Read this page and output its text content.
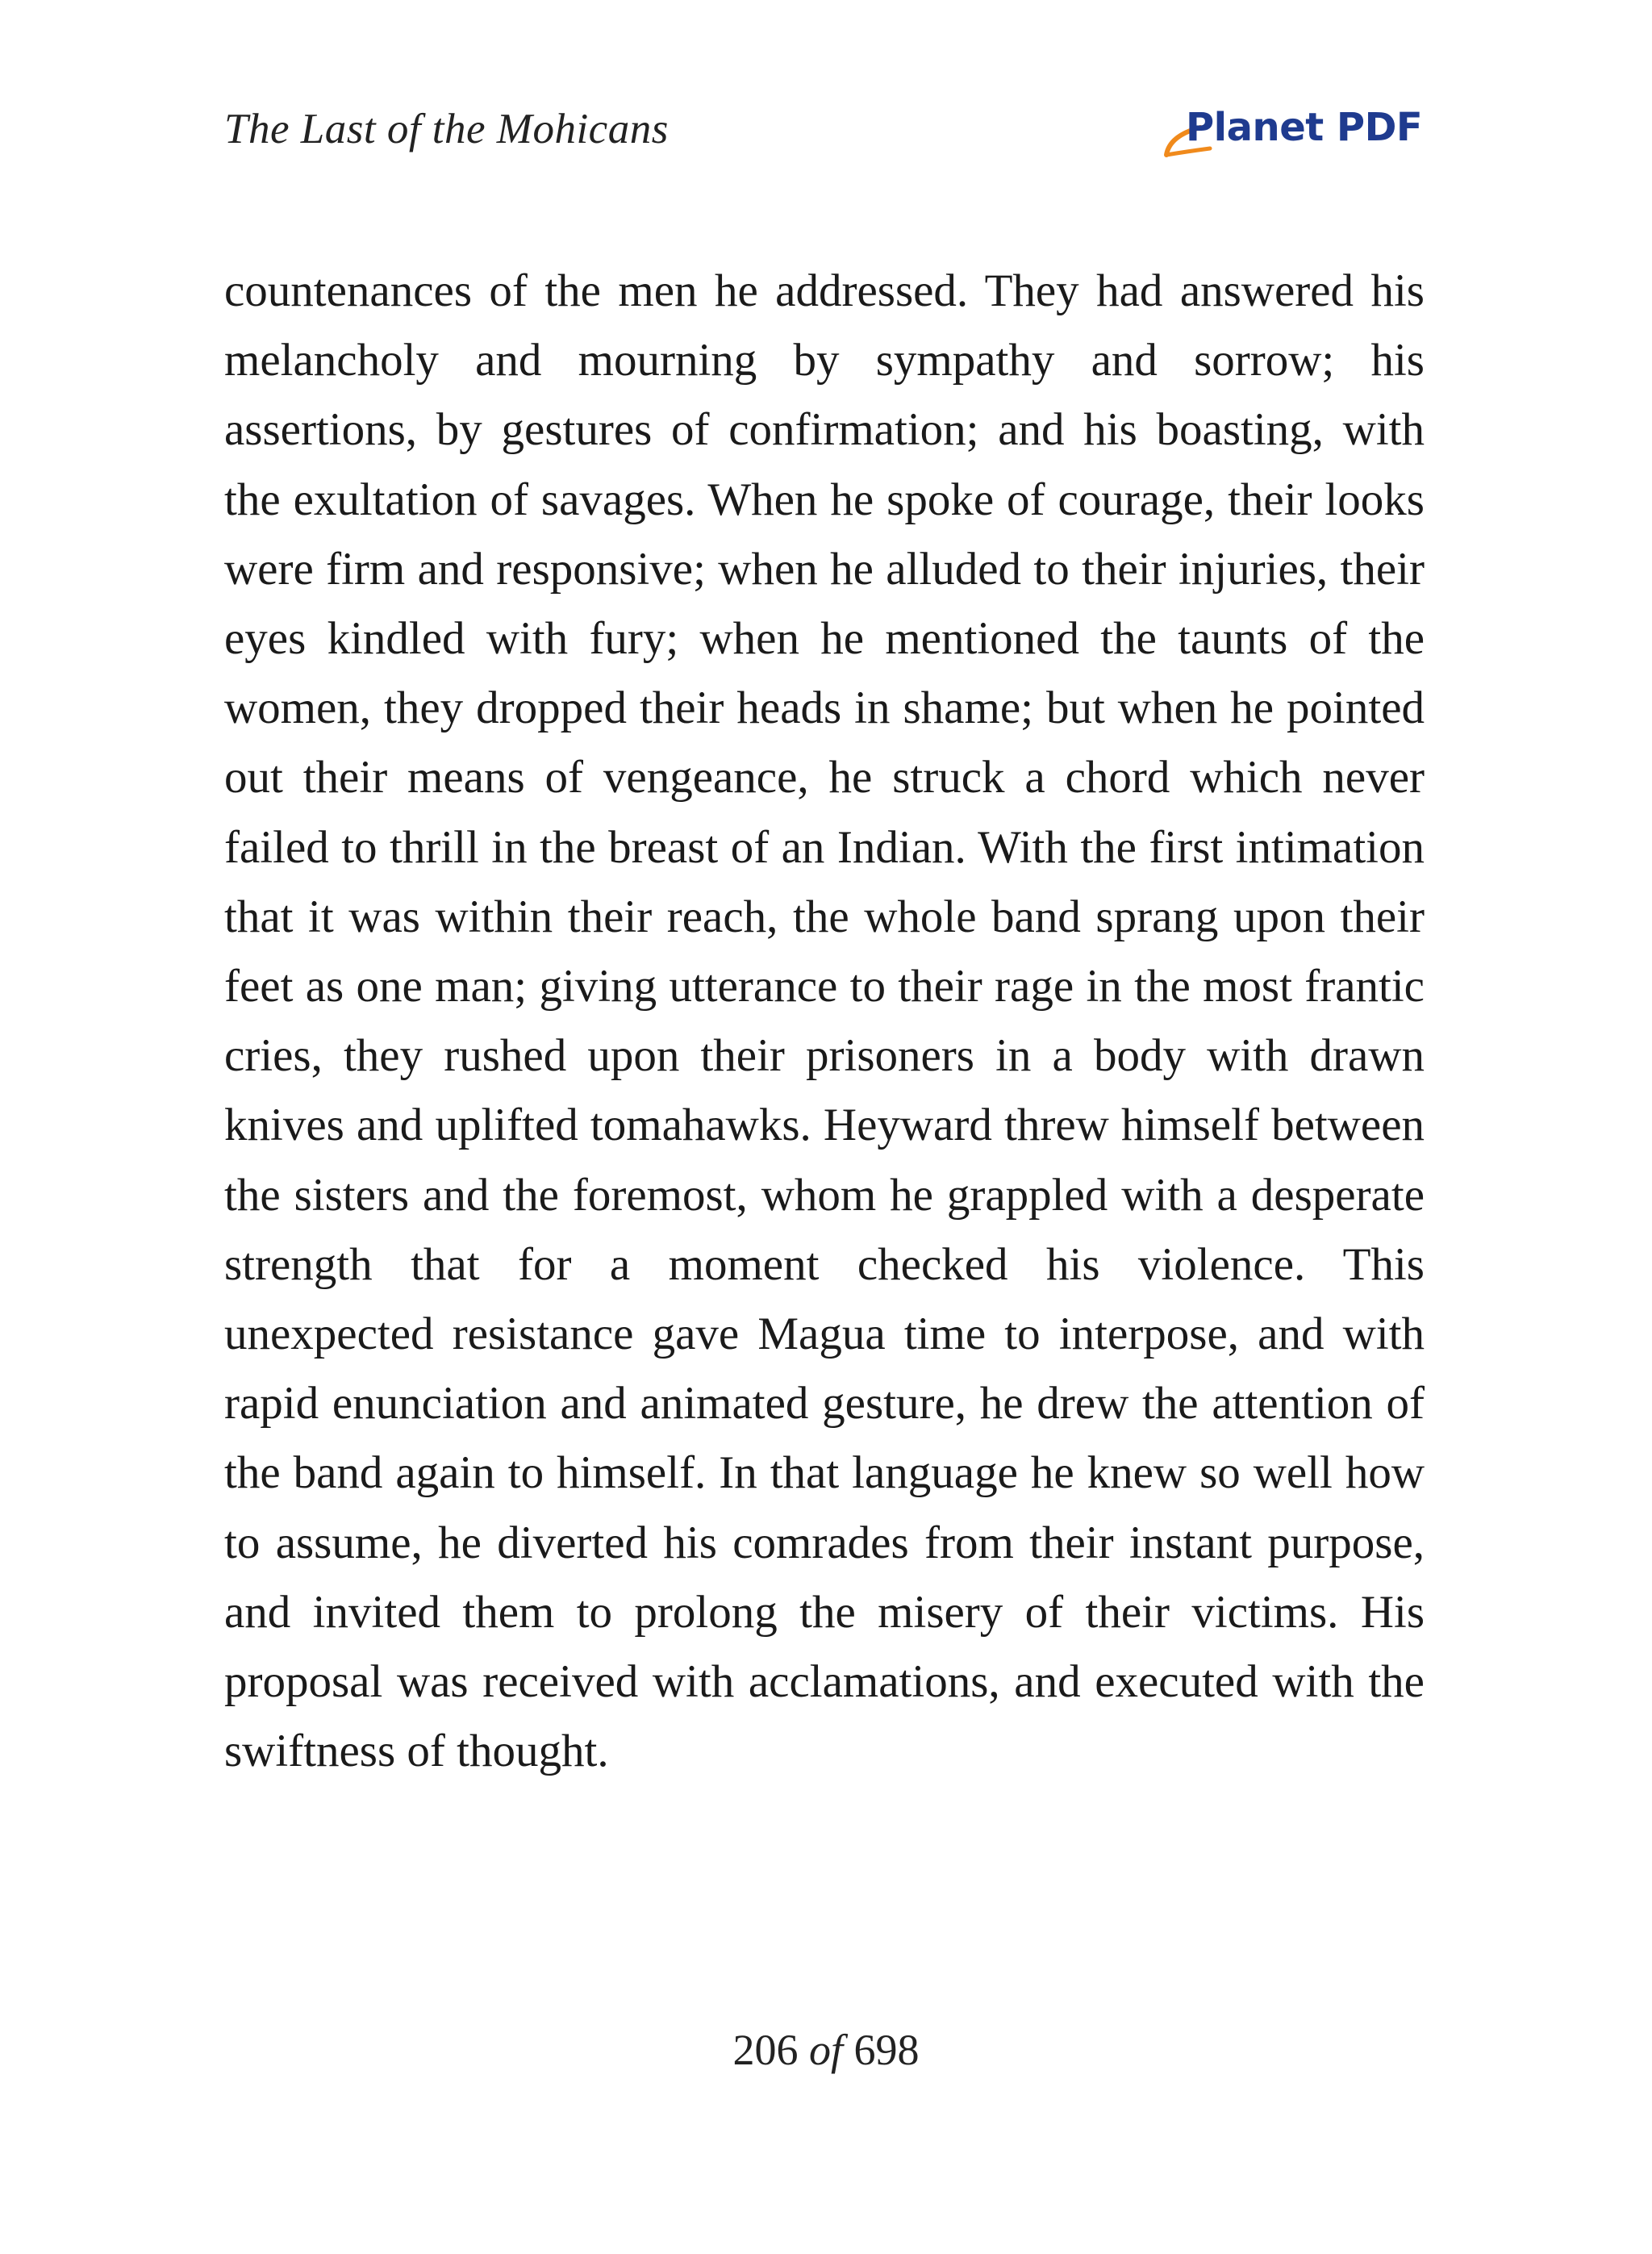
The Last of the Mohicans	Planet PDF

countenances of the men he addressed. They had answered his melancholy and mourning by sympathy and sorrow; his assertions, by gestures of confirmation; and his boasting, with the exultation of savages. When he spoke of courage, their looks were firm and responsive; when he alluded to their injuries, their eyes kindled with fury; when he mentioned the taunts of the women, they dropped their heads in shame; but when he pointed out their means of vengeance, he struck a chord which never failed to thrill in the breast of an Indian. With the first intimation that it was within their reach, the whole band sprang upon their feet as one man; giving utterance to their rage in the most frantic cries, they rushed upon their prisoners in a body with drawn knives and uplifted tomahawks. Heyward threw himself between the sisters and the foremost, whom he grappled with a desperate strength that for a moment checked his violence. This unexpected resistance gave Magua time to interpose, and with rapid enunciation and animated gesture, he drew the attention of the band again to himself. In that language he knew so well how to assume, he diverted his comrades from their instant purpose, and invited them to prolong the misery of their victims. His proposal was received with acclamations, and executed with the swiftness of thought.

206 of 698
